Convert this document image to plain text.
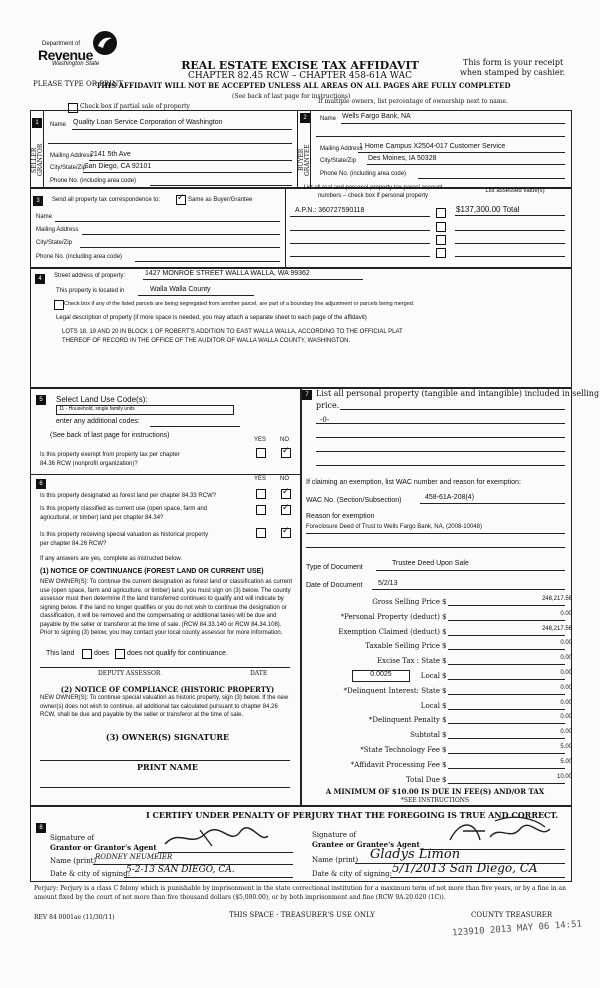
Department of
Revenue
Washington State	REAL ESTATE EXCISE TAX AFFIDAVIT
CHAPTER 82.45 RCW – CHAPTER 458-61A WAC
This form is your receipt
when stamped by cashier.
PLEASE TYPE OR PRINT
THIS AFFIDAVIT WILL NOT BE ACCEPTED UNLESS ALL AREAS ON ALL PAGES ARE FULLY COMPLETED
(See back of last page for instructions)
Check box if partial sale of property
If multiple owners, list percentage of ownership next to name.
1
SELLER GRANTOR
Name Quality Loan Service Corporation of Washington
Mailing Address
2141 5th Ave
City/State/Zip
San Diego, CA 92101
Phone No. (including area code)
2
BUYER GRANTEE
Name Wells Fargo Bank, NA
Mailing Address
1 Home Campus X2504-017 Customer Service
City/State/Zip Des Moines, IA 50328
Phone No. (including area code)
3	Send all property tax correspondence to:
✓	Same as Buyer/Grantee
Name
Mailing Address
City/State/Zip
Phone No. (including area code)
List all real and personal property tax parcel account
numbers – check box if personal property
List assessed value(s)
A.P.N.: 360727590118	$137,300.00 Total
4	Street address of property:	1427 MONROE STREET WALLA WALLA, WA 99362
This property is located in	Walla Walla County
Check box if any of the listed parcels are being segregated from another parcel, are part of a boundary line adjustment or parcels being merged.
Legal description of property (if more space is needed, you may attach a separate sheet to each page of the affidavit)
LOTS 18, 19 AND 20 IN BLOCK 1 OF ROBERT'S ADDITION TO EAST WALLA WALLA, ACCORDING TO THE OFFICIAL PLAT
THEREOF OF RECORD IN THE OFFICE OF THE AUDITOR OF WALLA WALLA COUNTY, WASHINGTON.
5	Select Land Use Code(s):
11 - Household, single family units
enter any additional codes:
(See back of last page for instructions)
YES NO
Is this property exempt from property tax per chapter
84.36 RCW (nonprofit organization)?
✓
6
YES NO
Is this property designated as forest land per chapter 84.33 RCW?
✓
Is this property classified as current use (open space, farm and
agricultural, or timber) land per chapter 84.34?
✓
Is this property receiving special valuation as historical property
per chapter 84.26 RCW?
✓
If any answers are yes, complete as instructed below.
(1) NOTICE OF CONTINUANCE (FOREST LAND OR CURRENT USE)
NEW OWNER(S): To continue the current designation as forest land or classification as current use (open space, farm and agriculture, or timber) land, you must sign on (3) below. The county assessor must then determine if the land transferred continues to qualify and will indicate by signing below. If the land no longer qualifies or you do not wish to continue the designation or classification, it will be removed and the compensating or additional taxes will be due and payable by the seller or transferor at the time of sale. (RCW 84.33.140 or RCW 84.34.108). Prior to signing (3) below, you may contact your local county assessor for more information.
This land	does	does not qualify for continuance.
DEPUTY ASSESSOR	DATE
(2) NOTICE OF COMPLIANCE (HISTORIC PROPERTY)
NEW OWNER(S): To continue special valuation as historic property, sign (3) below. If the new owner(s) does not wish to continue, all additional tax calculated pursuant to chapter 84.26 RCW, shall be due and payable by the seller or transferor at the time of sale.
(3) OWNER(S) SIGNATURE
PRINT NAME
7 List all personal property (tangible and intangible) included in selling
price.
-0-
If claiming an exemption, list WAC number and reason for exemption:
WAC No. (Section/Subsection)	458-61A-208(4)
Reason for exemption
Foreclosure Deed of Trust to Wells Fargo Bank, NA, (2008-10048)
Type of Document
Trustee Deed Upon Sale
Date of Document 5/2/13
Gross Selling Price $	248,217.56
*Personal Property (deduct) $	0.00
Exemption Claimed (deduct) $	248,217.56
Taxable Selling Price $	0.00
Excise Tax : State $	0.00
Local $	0.00
*Delinquent Interest: State $	0.00
Local $	0.00
*Delinquent Penalty $	0.00
Subtotal $	0.00
*State Technology Fee $	5.00
*Affidavit Processing Fee $	5.00
Total Due $	10.00
0.0025
A MINIMUM OF $10.00 IS DUE IN FEE(S) AND/OR TAX
*SEE INSTRUCTIONS
8
I CERTIFY UNDER PENALTY OF PERJURY THAT THE FOREGOING IS TRUE AND CORRECT.
Signature of
Grantor or Grantor's Agent
Name (print)
RODNEY NEUMEIER
Date & city of signing:
5-2-13 SAN DIEGO, CA.
Signature of
Grantee or Grantee's Agent
Name (print) Gladys Limon
Date & city of signing: 5/1/2013 San Diego, CA
Perjury: Perjury is a class C felony which is punishable by imprisonment in the state correctional institution for a maximum term of not more than five years, or by a fine in an amount fixed by the court of not more than five thousand dollars ($5,000.00), or by both imprisonment and fine (RCW 9A.20.020 (1C)).
REV 84 0001ae (11/30/11)	THIS SPACE - TREASURER'S USE ONLY	COUNTY TREASURER
123910 2013 MAY 06 14:51
